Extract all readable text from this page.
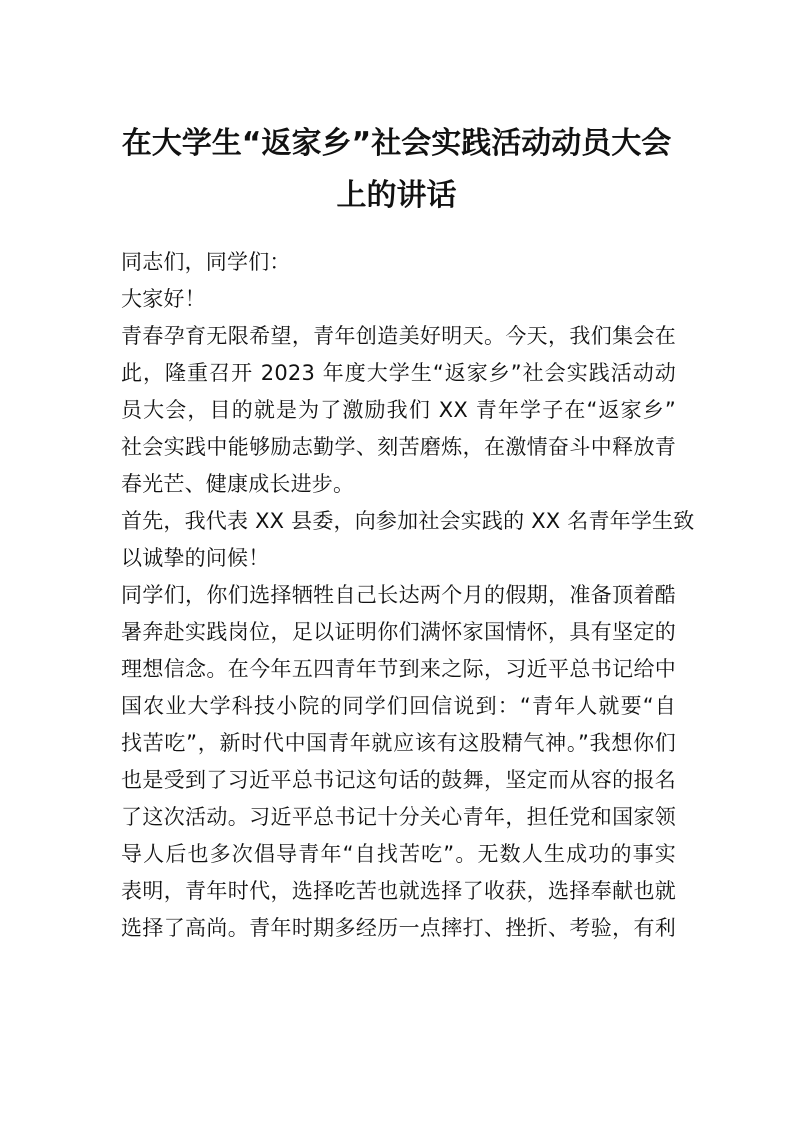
在大学生“返家乡”社会实践活动动员大会
上的讲话
同志们，同学们：
大家好！
青春孕育无限希望，青年创造美好明天。今天，我们集会在
此，隆重召开 2023 年度大学生“返家乡”社会实践活动动
员大会，目的就是为了激励我们 XX 青年学子在“返家乡”
社会实践中能够励志勤学、刻苦磨炼，在激情奋斗中释放青
春光芒、健康成长进步。
首先，我代表 XX 县委，向参加社会实践的 XX 名青年学生致
以诚挚的问候！
同学们，你们选择牺牲自己长达两个月的假期，准备顶着酷
暑奔赴实践岗位，足以证明你们满怀家国情怀，具有坚定的
理想信念。在今年五四青年节到来之际，习近平总书记给中
国农业大学科技小院的同学们回信说到：“青年人就要“自
找苦吃”，新时代中国青年就应该有这股精气神。”我想你们
也是受到了习近平总书记这句话的鼓舞，坚定而从容的报名
了这次活动。习近平总书记十分关心青年，担任党和国家领
导人后也多次倡导青年“自找苦吃”。无数人生成功的事实
表明，青年时代，选择吃苦也就选择了收获，选择奉献也就
选择了高尚。青年时期多经历一点摔打、挫折、考验，有利
